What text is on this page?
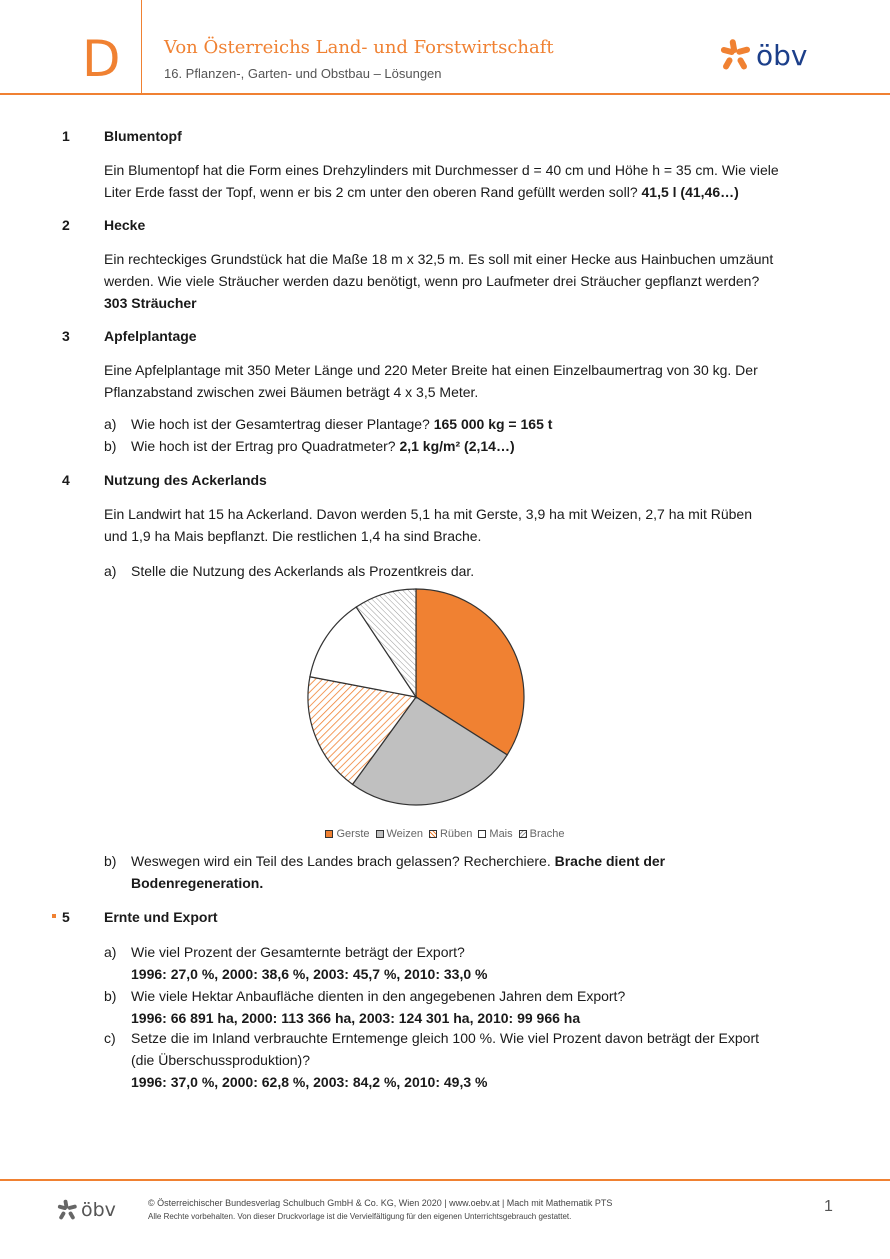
D Von Österreichs Land- und Forstwirtschaft
16. Pflanzen-, Garten- und Obstbau – Lösungen
öbv
1 Blumentopf
Ein Blumentopf hat die Form eines Drehzylinders mit Durchmesser d = 40 cm und Höhe h = 35 cm. Wie viele
Liter Erde fasst der Topf, wenn er bis 2 cm unter den oberen Rand gefüllt werden soll? 41,5 l (41,46…)
2 Hecke
Ein rechteckiges Grundstück hat die Maße 18 m x 32,5 m. Es soll mit einer Hecke aus Hainbuchen umzäunt
werden. Wie viele Sträucher werden dazu benötigt, wenn pro Laufmeter drei Sträucher gepflanzt werden?
303 Sträucher
3 Apfelplantage
Eine Apfelplantage mit 350 Meter Länge und 220 Meter Breite hat einen Einzelbaumertrag von 30 kg. Der
Pflanzabstand zwischen zwei Bäumen beträgt 4 x 3,5 Meter.
a) Wie hoch ist der Gesamtertrag dieser Plantage? 165 000 kg = 165 t
b) Wie hoch ist der Ertrag pro Quadratmeter? 2,1 kg/m² (2,14…)
4 Nutzung des Ackerlands
Ein Landwirt hat 15 ha Ackerland. Davon werden 5,1 ha mit Gerste, 3,9 ha mit Weizen, 2,7 ha mit Rüben
und 1,9 ha Mais bepflanzt. Die restlichen 1,4 ha sind Brache.
a) Stelle die Nutzung des Ackerlands als Prozentkreis dar.
Gerste Weizen Rüben Mais Brache
b) Weswegen wird ein Teil des Landes brach gelassen? Recherchiere. Brache dient der
Bodenregeneration.
5 Ernte und Export
a) Wie viel Prozent der Gesamternte beträgt der Export?
1996: 27,0 %, 2000: 38,6 %, 2003: 45,7 %, 2010: 33,0 %
b) Wie viele Hektar Anbaufläche dienten in den angegebenen Jahren dem Export?
1996: 66 891 ha, 2000: 113 366 ha, 2003: 124 301 ha, 2010: 99 966 ha
c) Setze die im Inland verbrauchte Erntemenge gleich 100 %. Wie viel Prozent davon beträgt der Export
(die Überschussproduktion)?
1996: 37,0 %, 2000: 62,8 %, 2003: 84,2 %, 2010: 49,3 %
öbv	© Österreichischer Bundesverlag Schulbuch GmbH & Co. KG, Wien 2020 | www.oebv.at | Mach mit Mathematik PTS
Alle Rechte vorbehalten. Von dieser Druckvorlage ist die Vervielfältigung für den eigenen Unterrichtsgebrauch gestattet.
1
